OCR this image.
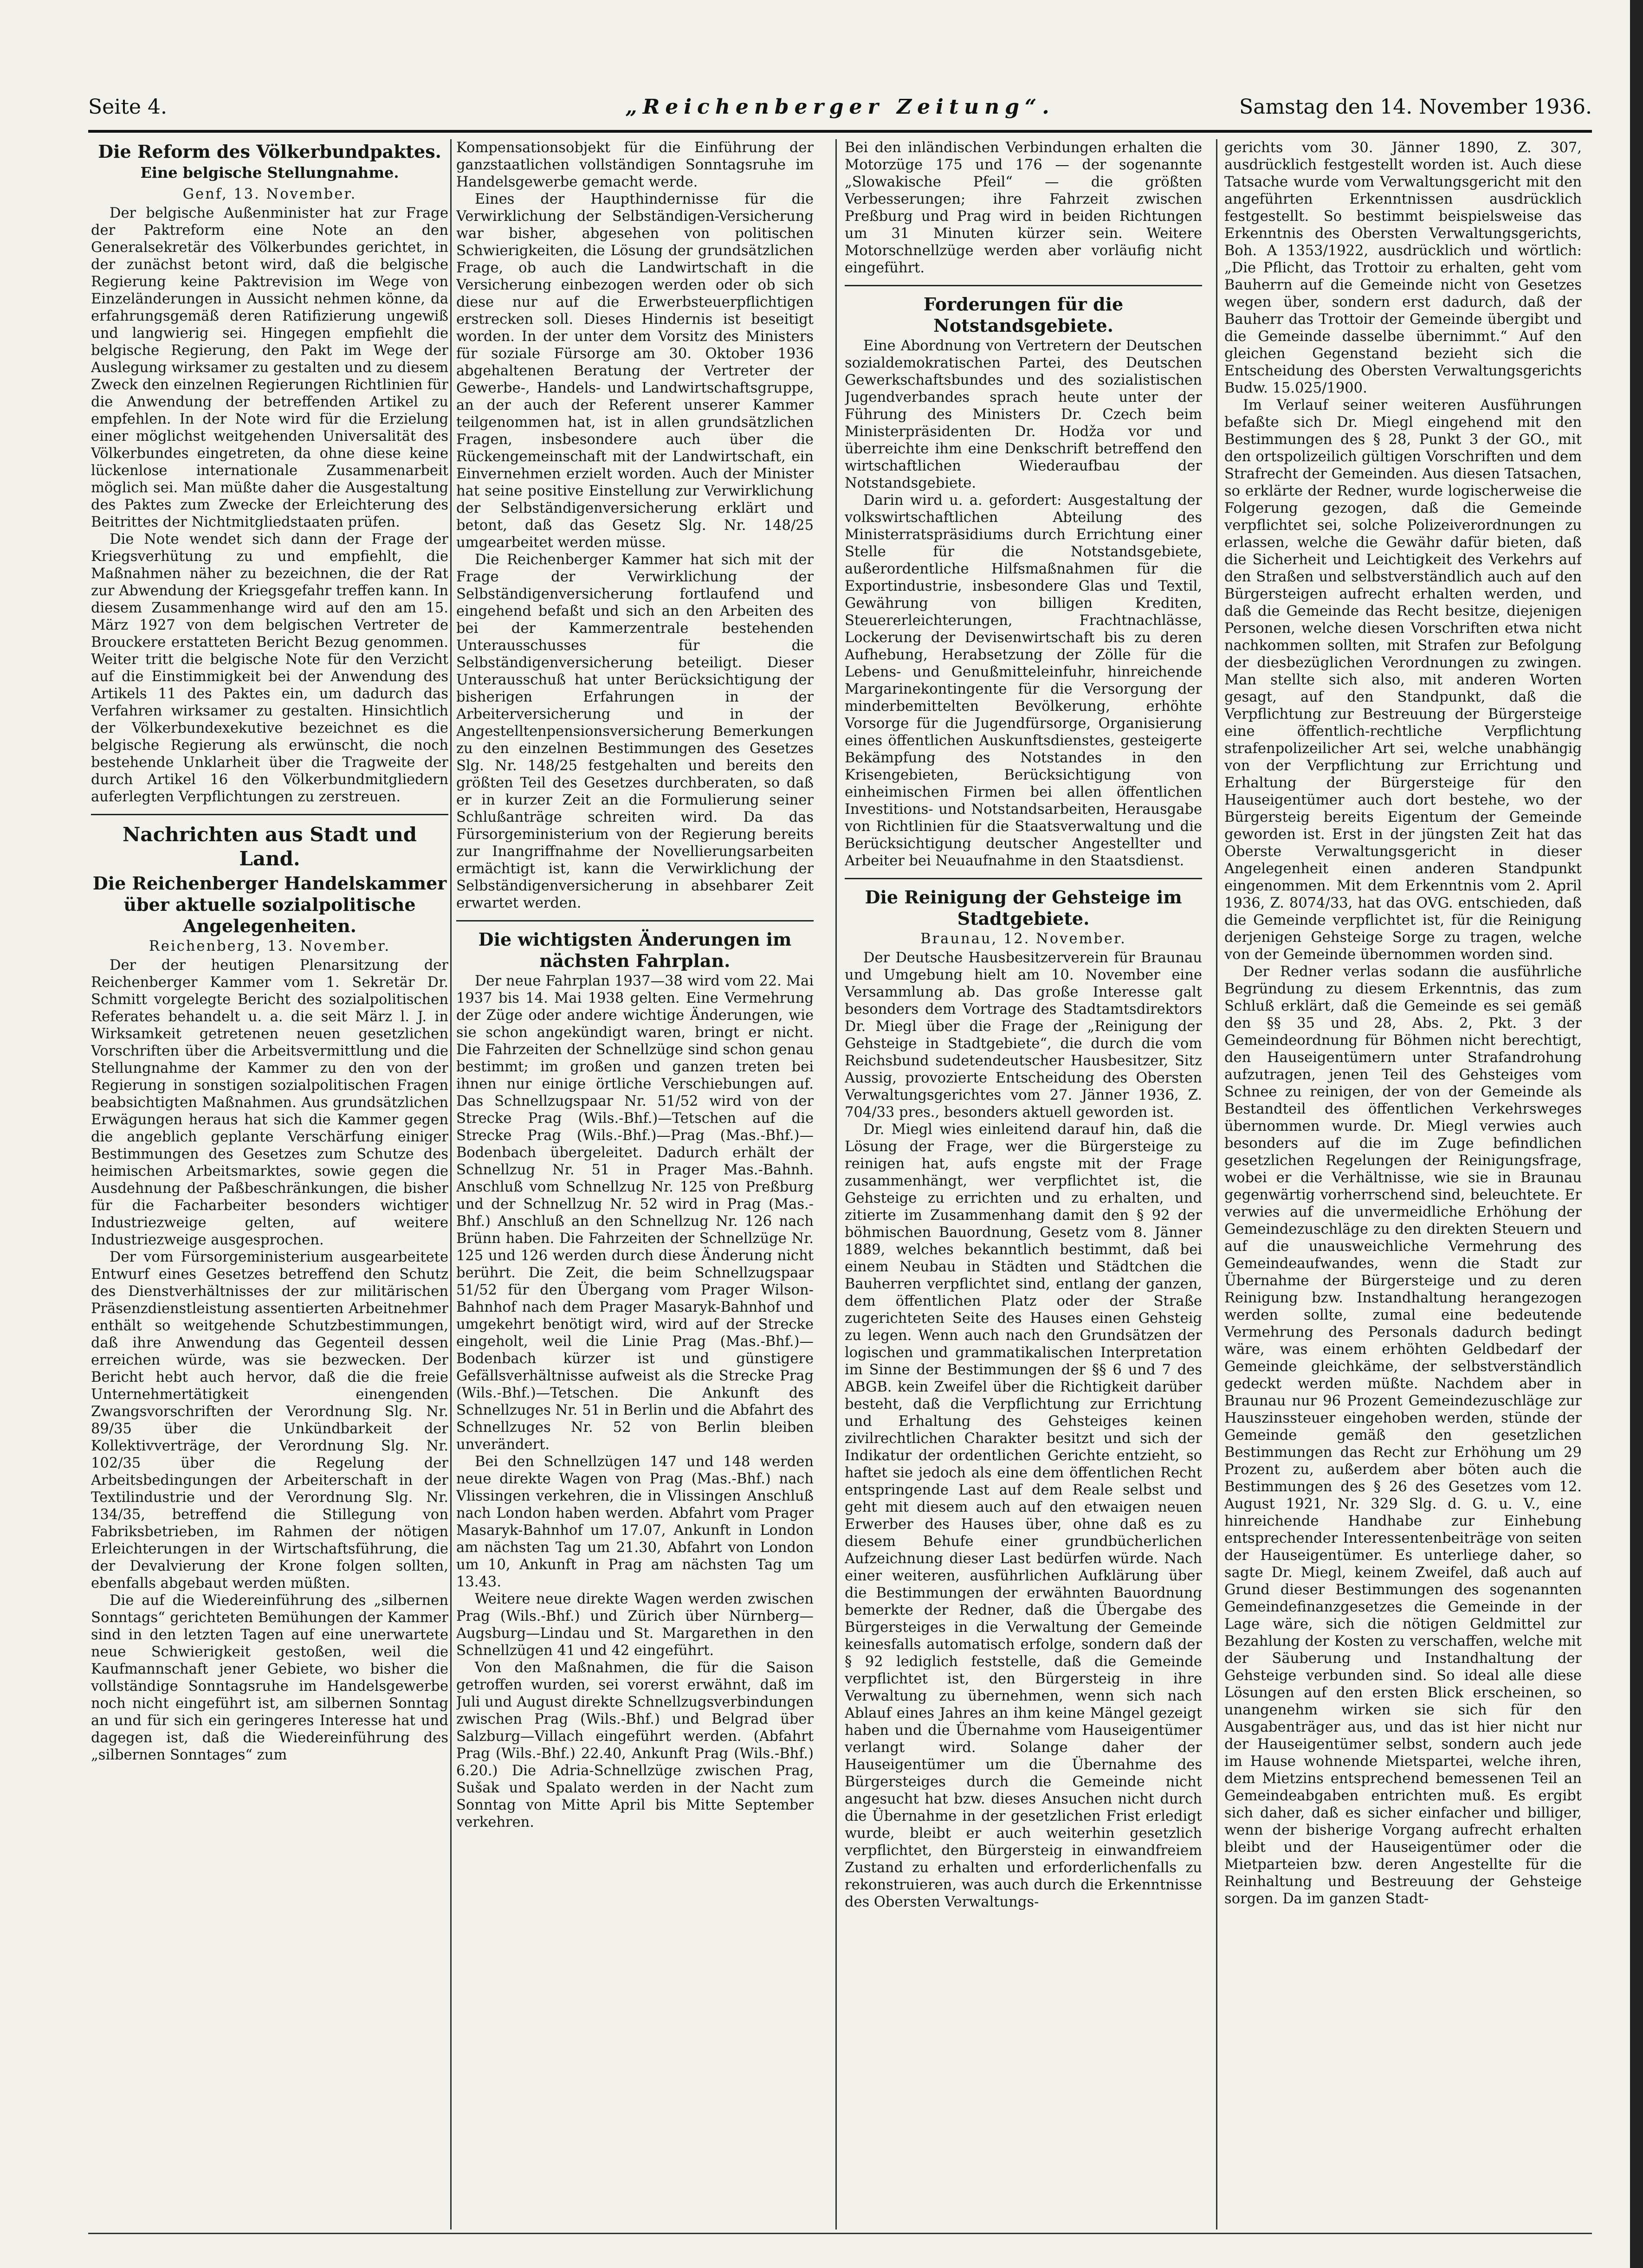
Seite 4.	„Reichenberger Zeitung“.	Samstag den 14. November 1936.
Die Reform des Völkerbundpaktes.
Eine belgische Stellungnahme.
Genf, 13. November.

Der belgische Außenminister hat zur Frage der Paktreform eine Note an den Generalsekretär des Völkerbundes gerichtet, in der zunächst betont wird, daß die belgische Regierung keine Paktrevision im Wege von Einzeländerungen in Aussicht nehmen könne, da erfahrungsgemäß deren Ratifizierung ungewiß und langwierig sei. Hingegen empfiehlt die belgische Regierung, den Pakt im Wege der Auslegung wirksamer zu gestalten und zu diesem Zweck den einzelnen Regierungen Richtlinien für die Anwendung der betreffenden Artikel zu empfehlen. In der Note wird für die Erzielung einer möglichst weitgehenden Universalität des Völkerbundes eingetreten, da ohne diese keine lückenlose internationale Zusammenarbeit möglich sei. Man müßte daher die Ausgestaltung des Paktes zum Zwecke der Erleichterung des Beitrittes der Nichtmitgliedstaaten prüfen.

Die Note wendet sich dann der Frage der Kriegsverhütung zu und empfiehlt, die Maßnahmen näher zu bezeichnen, die der Rat zur Abwendung der Kriegsgefahr treffen kann. In diesem Zusammenhange wird auf den am 15. März 1927 von dem belgischen Vertreter de Brouckere erstatteten Bericht Bezug genommen. Weiter tritt die belgische Note für den Verzicht auf die Einstimmigkeit bei der Anwendung des Artikels 11 des Paktes ein, um dadurch das Verfahren wirksamer zu gestalten. Hinsichtlich der Völkerbundexekutive bezeichnet es die belgische Regierung als erwünscht, die noch bestehende Unklarheit über die Tragweite der durch Artikel 16 den Völkerbundmitgliedern auferlegten Verpflichtungen zu zerstreuen.

Nachrichten aus Stadt und Land.
Die Reichenberger Handelskammer über aktuelle sozialpolitische Angelegenheiten.
Reichenberg, 13. November.

Der der heutigen Plenarsitzung der Reichenberger Kammer vom 1. Sekretär Dr. Schmitt vorgelegte Bericht des sozialpolitischen Referates behandelt u. a. die seit März l. J. in Wirksamkeit getretenen neuen gesetzlichen Vorschriften über die Arbeitsvermittlung und die Stellungnahme der Kammer zu den von der Regierung in sonstigen sozialpolitischen Fragen beabsichtigten Maßnahmen. Aus grundsätzlichen Erwägungen heraus hat sich die Kammer gegen die angeblich geplante Verschärfung einiger Bestimmungen des Gesetzes zum Schutze des heimischen Arbeitsmarktes, sowie gegen die Ausdehnung der Paßbeschränkungen, die bisher für die Facharbeiter besonders wichtiger Industriezweige gelten, auf weitere Industriezweige ausgesprochen.

Der vom Fürsorgeministerium ausgearbeitete Entwurf eines Gesetzes betreffend den Schutz des Dienstverhältnisses der zur militärischen Präsenzdienstleistung assentierten Arbeitnehmer enthält so weitgehende Schutzbestimmungen, daß ihre Anwendung das Gegenteil dessen erreichen würde, was sie bezwecken. Der Bericht hebt auch hervor, daß die die freie Unternehmertätigkeit einengenden Zwangsvorschriften der Verordnung Slg. Nr. 89/35 über die Unkündbarkeit der Kollektivverträge, der Verordnung Slg. Nr. 102/35 über die Regelung der Arbeitsbedingungen der Arbeiterschaft in der Textilindustrie und der Verordnung Slg. Nr. 134/35, betreffend die Stillegung von Fabriksbetrieben, im Rahmen der nötigen Erleichterungen in der Wirtschaftsführung, die der Devalvierung der Krone folgen sollten, ebenfalls abgebaut werden müßten.

Die auf die Wiedereinführung des „silbernen Sonntags“ gerichteten Bemühungen der Kammer sind in den letzten Tagen auf eine unerwartete neue Schwierigkeit gestoßen, weil die Kaufmannschaft jener Gebiete, wo bisher die vollständige Sonntagsruhe im Handelsgewerbe noch nicht eingeführt ist, am silbernen Sonntag an und für sich ein geringeres Interesse hat und dagegen ist, daß die Wiedereinführung des „silbernen Sonntages“ zum

Kompensationsobjekt für die Einführung der ganzstaatlichen vollständigen Sonntagsruhe im Handelsgewerbe gemacht werde.

Eines der Haupthindernisse für die Verwirklichung der Selbständigen-Versicherung war bisher, abgesehen von politischen Schwierigkeiten, die Lösung der grundsätzlichen Frage, ob auch die Landwirtschaft in die Versicherung einbezogen werden oder ob sich diese nur auf die Erwerbsteuerpflichtigen erstrecken soll. Dieses Hindernis ist beseitigt worden. In der unter dem Vorsitz des Ministers für soziale Fürsorge am 30. Oktober 1936 abgehaltenen Beratung der Vertreter der Gewerbe-, Handels- und Landwirtschaftsgruppe, an der auch der Referent unserer Kammer teilgenommen hat, ist in allen grundsätzlichen Fragen, insbesondere auch über die Rückengemeinschaft mit der Landwirtschaft, ein Einvernehmen erzielt worden. Auch der Minister hat seine positive Einstellung zur Verwirklichung der Selbständigenversicherung erklärt und betont, daß das Gesetz Slg. Nr. 148/25 umgearbeitet werden müsse.

Die Reichenberger Kammer hat sich mit der Frage der Verwirklichung der Selbständigenversicherung fortlaufend und eingehend befaßt und sich an den Arbeiten des bei der Kammerzentrale bestehenden Unterausschusses für die Selbständigenversicherung beteiligt. Dieser Unterausschuß hat unter Berücksichtigung der bisherigen Erfahrungen in der Arbeiterversicherung und in der Angestelltenpensionsversicherung Bemerkungen zu den einzelnen Bestimmungen des Gesetzes Slg. Nr. 148/25 festgehalten und bereits den größten Teil des Gesetzes durchberaten, so daß er in kurzer Zeit an die Formulierung seiner Schlußanträge schreiten wird. Da das Fürsorgeministerium von der Regierung bereits zur Inangriffnahme der Novellierungsarbeiten ermächtigt ist, kann die Verwirklichung der Selbständigenversicherung in absehbarer Zeit erwartet werden.

Die wichtigsten Änderungen im nächsten Fahrplan.

Der neue Fahrplan 1937—38 wird vom 22. Mai 1937 bis 14. Mai 1938 gelten. Eine Vermehrung der Züge oder andere wichtige Änderungen, wie sie schon angekündigt waren, bringt er nicht. Die Fahrzeiten der Schnellzüge sind schon genau bestimmt; im großen und ganzen treten bei ihnen nur einige örtliche Verschiebungen auf. Das Schnellzugspaar Nr. 51/52 wird von der Strecke Prag (Wils.-Bhf.)—Tetschen auf die Strecke Prag (Wils.-Bhf.)—Prag (Mas.-Bhf.)—Bodenbach übergeleitet. Dadurch erhält der Schnellzug Nr. 51 in Prager Mas.-Bahnh. Anschluß vom Schnellzug Nr. 125 von Preßburg und der Schnellzug Nr. 52 wird in Prag (Mas.-Bhf.) Anschluß an den Schnellzug Nr. 126 nach Brünn haben. Die Fahrzeiten der Schnellzüge Nr. 125 und 126 werden durch diese Änderung nicht berührt. Die Zeit, die beim Schnellzugspaar 51/52 für den Übergang vom Prager Wilson-Bahnhof nach dem Prager Masaryk-Bahnhof und umgekehrt benötigt wird, wird auf der Strecke eingeholt, weil die Linie Prag (Mas.-Bhf.)—Bodenbach kürzer ist und günstigere Gefällsverhältnisse aufweist als die Strecke Prag (Wils.-Bhf.)—Tetschen. Die Ankunft des Schnellzuges Nr. 51 in Berlin und die Abfahrt des Schnellzuges Nr. 52 von Berlin bleiben unverändert.

Bei den Schnellzügen 147 und 148 werden neue direkte Wagen von Prag (Mas.-Bhf.) nach Vlissingen verkehren, die in Vlissingen Anschluß nach London haben werden. Abfahrt vom Prager Masaryk-Bahnhof um 17.07, Ankunft in London am nächsten Tag um 21.30, Abfahrt von London um 10, Ankunft in Prag am nächsten Tag um 13.43.

Weitere neue direkte Wagen werden zwischen Prag (Wils.-Bhf.) und Zürich über Nürnberg—Augsburg—Lindau und St. Margarethen in den Schnellzügen 41 und 42 eingeführt.

Von den Maßnahmen, die für die Saison getroffen wurden, sei vorerst erwähnt, daß im Juli und August direkte Schnellzugsverbindungen zwischen Prag (Wils.-Bhf.) und Belgrad über Salzburg—Villach eingeführt werden. (Abfahrt Prag (Wils.-Bhf.) 22.40, Ankunft Prag (Wils.-Bhf.) 6.20.) Die Adria-Schnellzüge zwischen Prag, Sušak und Spalato werden in der Nacht zum Sonntag von Mitte April bis Mitte September verkehren.

Bei den inländischen Verbindungen erhalten die Motorzüge 175 und 176 — der sogenannte „Slowakische Pfeil“ — die größten Verbesserungen; ihre Fahrzeit zwischen Preßburg und Prag wird in beiden Richtungen um 31 Minuten kürzer sein. Weitere Motorschnellzüge werden aber vorläufig nicht eingeführt.

Forderungen für die Notstandsgebiete.

Eine Abordnung von Vertretern der Deutschen sozialdemokratischen Partei, des Deutschen Gewerkschaftsbundes und des sozialistischen Jugendverbandes sprach heute unter der Führung des Ministers Dr. Czech beim Ministerpräsidenten Dr. Hodža vor und überreichte ihm eine Denkschrift betreffend den wirtschaftlichen Wiederaufbau der Notstandsgebiete.

Darin wird u. a. gefordert: Ausgestaltung der volkswirtschaftlichen Abteilung des Ministerratspräsidiums durch Errichtung einer Stelle für die Notstandsgebiete, außerordentliche Hilfsmaßnahmen für die Exportindustrie, insbesondere Glas und Textil, Gewährung von billigen Krediten, Steuererleichterungen, Frachtnachlässe, Lockerung der Devisenwirtschaft bis zu deren Aufhebung, Herabsetzung der Zölle für die Lebens- und Genußmitteleinfuhr, hinreichende Margarinekontingente für die Versorgung der minderbemittelten Bevölkerung, erhöhte Vorsorge für die Jugendfürsorge, Organisierung eines öffentlichen Auskunftsdienstes, gesteigerte Bekämpfung des Notstandes in den Krisengebieten, Berücksichtigung von einheimischen Firmen bei allen öffentlichen Investitions- und Notstandsarbeiten, Herausgabe von Richtlinien für die Staatsverwaltung und die Berücksichtigung deutscher Angestellter und Arbeiter bei Neuaufnahme in den Staatsdienst.

Die Reinigung der Gehsteige im Stadtgebiete.
Braunau, 12. November.

Der Deutsche Hausbesitzerverein für Braunau und Umgebung hielt am 10. November eine Versammlung ab. Das große Interesse galt besonders dem Vortrage des Stadtamtsdirektors Dr. Miegl über die Frage der „Reinigung der Gehsteige in Stadtgebiete“, die durch die vom Reichsbund sudetendeutscher Hausbesitzer, Sitz Aussig, provozierte Entscheidung des Obersten Verwaltungsgerichtes vom 27. Jänner 1936, Z. 704/33 pres., besonders aktuell geworden ist.

Dr. Miegl wies einleitend darauf hin, daß die Lösung der Frage, wer die Bürgersteige zu reinigen hat, aufs engste mit der Frage zusammenhängt, wer verpflichtet ist, die Gehsteige zu errichten und zu erhalten, und zitierte im Zusammenhang damit den § 92 der böhmischen Bauordnung, Gesetz vom 8. Jänner 1889, welches bekanntlich bestimmt, daß bei einem Neubau in Städten und Städtchen die Bauherren verpflichtet sind, entlang der ganzen, dem öffentlichen Platz oder der Straße zugerichteten Seite des Hauses einen Gehsteig zu legen. Wenn auch nach den Grundsätzen der logischen und grammatikalischen Interpretation im Sinne der Bestimmungen der §§ 6 und 7 des ABGB. kein Zweifel über die Richtigkeit darüber besteht, daß die Verpflichtung zur Errichtung und Erhaltung des Gehsteiges keinen zivilrechtlichen Charakter besitzt und sich der Indikatur der ordentlichen Gerichte entzieht, so haftet sie jedoch als eine dem öffentlichen Recht entspringende Last auf dem Reale selbst und geht mit diesem auch auf den etwaigen neuen Erwerber des Hauses über, ohne daß es zu diesem Behufe einer grundbücherlichen Aufzeichnung dieser Last bedürfen würde. Nach einer weiteren, ausführlichen Aufklärung über die Bestimmungen der erwähnten Bauordnung bemerkte der Redner, daß die Übergabe des Bürgersteiges in die Verwaltung der Gemeinde keinesfalls automatisch erfolge, sondern daß der § 92 lediglich feststelle, daß die Gemeinde verpflichtet ist, den Bürgersteig in ihre Verwaltung zu übernehmen, wenn sich nach Ablauf eines Jahres an ihm keine Mängel gezeigt haben und die Übernahme vom Hauseigentümer verlangt wird. Solange daher der Hauseigentümer um die Übernahme des Bürgersteiges durch die Gemeinde nicht angesucht hat bzw. dieses Ansuchen nicht durch die Übernahme in der gesetzlichen Frist erledigt wurde, bleibt er auch weiterhin gesetzlich verpflichtet, den Bürgersteig in einwandfreiem Zustand zu erhalten und erforderlichenfalls zu rekonstruieren, was auch durch die Erkenntnisse des Obersten Verwaltungs-

gerichts vom 30. Jänner 1890, Z. 307, ausdrücklich festgestellt worden ist. Auch diese Tatsache wurde vom Verwaltungsgericht mit den angeführten Erkenntnissen ausdrücklich festgestellt. So bestimmt beispielsweise das Erkenntnis des Obersten Verwaltungsgerichts, Boh. A 1353/1922, ausdrücklich und wörtlich: „Die Pflicht, das Trottoir zu erhalten, geht vom Bauherrn auf die Gemeinde nicht von Gesetzes wegen über, sondern erst dadurch, daß der Bauherr das Trottoir der Gemeinde übergibt und die Gemeinde dasselbe übernimmt.“ Auf den gleichen Gegenstand bezieht sich die Entscheidung des Obersten Verwaltungsgerichts Budw. 15.025/1900.

Im Verlauf seiner weiteren Ausführungen befaßte sich Dr. Miegl eingehend mit den Bestimmungen des § 28, Punkt 3 der GO., mit den ortspolizeilich gültigen Vorschriften und dem Strafrecht der Gemeinden. Aus diesen Tatsachen, so erklärte der Redner, wurde logischerweise die Folgerung gezogen, daß die Gemeinde verpflichtet sei, solche Polizeiverordnungen zu erlassen, welche die Gewähr dafür bieten, daß die Sicherheit und Leichtigkeit des Verkehrs auf den Straßen und selbstverständlich auch auf den Bürgersteigen aufrecht erhalten werden, und daß die Gemeinde das Recht besitze, diejenigen Personen, welche diesen Vorschriften etwa nicht nachkommen sollten, mit Strafen zur Befolgung der diesbezüglichen Verordnungen zu zwingen. Man stellte sich also, mit anderen Worten gesagt, auf den Standpunkt, daß die Verpflichtung zur Bestreuung der Bürgersteige eine öffentlich-rechtliche Verpflichtung strafenpolizeilicher Art sei, welche unabhängig von der Verpflichtung zur Errichtung und Erhaltung der Bürgersteige für den Hauseigentümer auch dort bestehe, wo der Bürgersteig bereits Eigentum der Gemeinde geworden ist. Erst in der jüngsten Zeit hat das Oberste Verwaltungsgericht in dieser Angelegenheit einen anderen Standpunkt eingenommen. Mit dem Erkenntnis vom 2. April 1936, Z. 8074/33, hat das OVG. entschieden, daß die Gemeinde verpflichtet ist, für die Reinigung derjenigen Gehsteige Sorge zu tragen, welche von der Gemeinde übernommen worden sind.

Der Redner verlas sodann die ausführliche Begründung zu diesem Erkenntnis, das zum Schluß erklärt, daß die Gemeinde es sei gemäß den §§ 35 und 28, Abs. 2, Pkt. 3 der Gemeindeordnung für Böhmen nicht berechtigt, den Hauseigentümern unter Strafandrohung aufzutragen, jenen Teil des Gehsteiges vom Schnee zu reinigen, der von der Gemeinde als Bestandteil des öffentlichen Verkehrsweges übernommen wurde. Dr. Miegl verwies auch besonders auf die im Zuge befindlichen gesetzlichen Regelungen der Reinigungsfrage, wobei er die Verhältnisse, wie sie in Braunau gegenwärtig vorherrschend sind, beleuchtete. Er verwies auf die unvermeidliche Erhöhung der Gemeindezuschläge zu den direkten Steuern und auf die unausweichliche Vermehrung des Gemeindeaufwandes, wenn die Stadt zur Übernahme der Bürgersteige und zu deren Reinigung bzw. Instandhaltung herangezogen werden sollte, zumal eine bedeutende Vermehrung des Personals dadurch bedingt wäre, was einem erhöhten Geldbedarf der Gemeinde gleichkäme, der selbstverständlich gedeckt werden müßte. Nachdem aber in Braunau nur 96 Prozent Gemeindezuschläge zur Hauszinssteuer eingehoben werden, stünde der Gemeinde gemäß den gesetzlichen Bestimmungen das Recht zur Erhöhung um 29 Prozent zu, außerdem aber böten auch die Bestimmungen des § 26 des Gesetzes vom 12. August 1921, Nr. 329 Slg. d. G. u. V., eine hinreichende Handhabe zur Einhebung entsprechender Interessentenbeiträge von seiten der Hauseigentümer. Es unterliege daher, so sagte Dr. Miegl, keinem Zweifel, daß auch auf Grund dieser Bestimmungen des sogenannten Gemeindefinanzgesetzes die Gemeinde in der Lage wäre, sich die nötigen Geldmittel zur Bezahlung der Kosten zu verschaffen, welche mit der Säuberung und Instandhaltung der Gehsteige verbunden sind. So ideal alle diese Lösungen auf den ersten Blick erscheinen, so unangenehm wirken sie sich für den Ausgabenträger aus, und das ist hier nicht nur der Hauseigentümer selbst, sondern auch jede im Hause wohnende Mietspartei, welche ihren, dem Mietzins entsprechend bemessenen Teil an Gemeindeabgaben entrichten muß. Es ergibt sich daher, daß es sicher einfacher und billiger, wenn der bisherige Vorgang aufrecht erhalten bleibt und der Hauseigentümer oder die Mietparteien bzw. deren Angestellte für die Reinhaltung und Bestreuung der Gehsteige sorgen. Da im ganzen Stadt-
